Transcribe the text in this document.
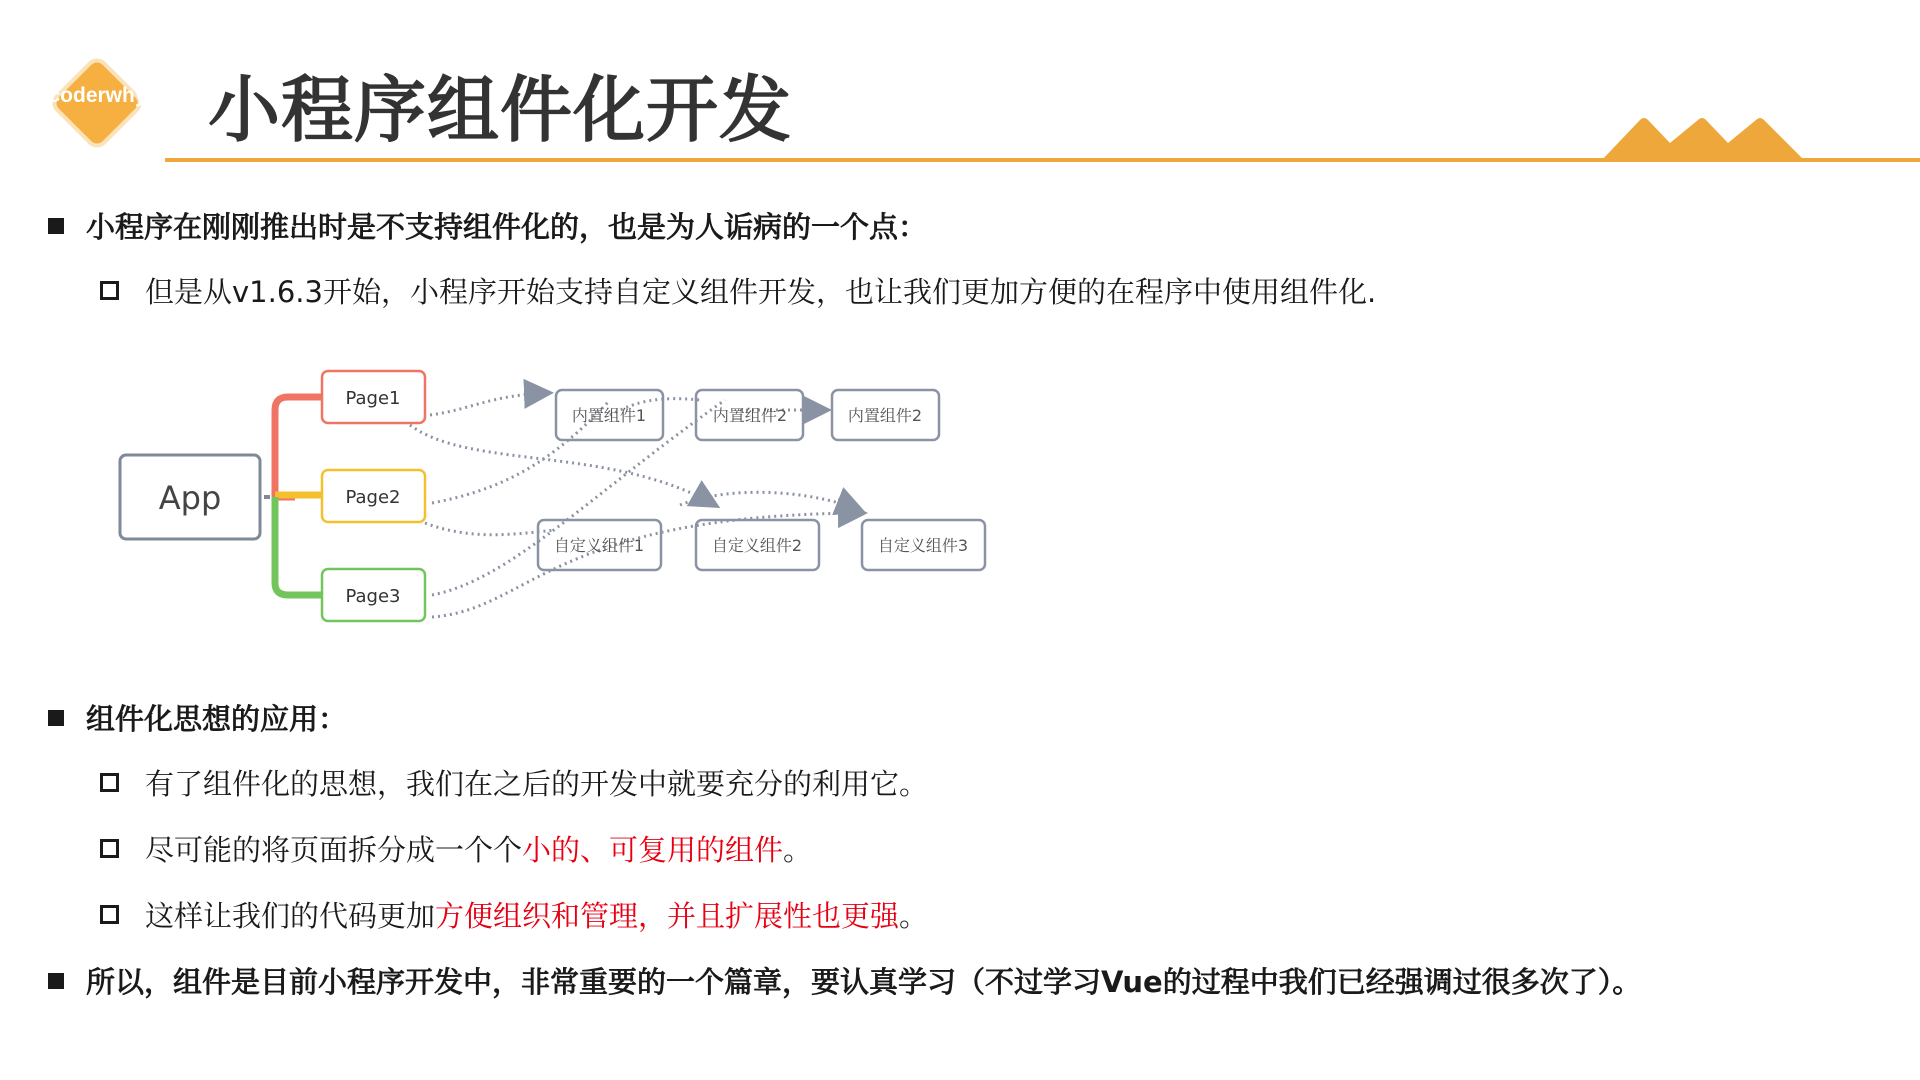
coderwhy 小程序组件化开发
小程序在刚刚推出时是不支持组件化的，也是为人诟病的一个点：
但是从v1.6.3开始，小程序开始支持自定义组件开发，也让我们更加方便的在程序中使用组件化.
App
Page1
Page2
Page3
内置组件1	内置组件2	内置组件2
自定义组件1	自定义组件2	自定义组件3
组件化思想的应用：
有了组件化的思想，我们在之后的开发中就要充分的利用它。
尽可能的将页面拆分成一个个小的、可复用的组件。
这样让我们的代码更加方便组织和管理，并且扩展性也更强。
所以，组件是目前小程序开发中，非常重要的一个篇章，要认真学习（不过学习Vue的过程中我们已经强调过很多次了）。
